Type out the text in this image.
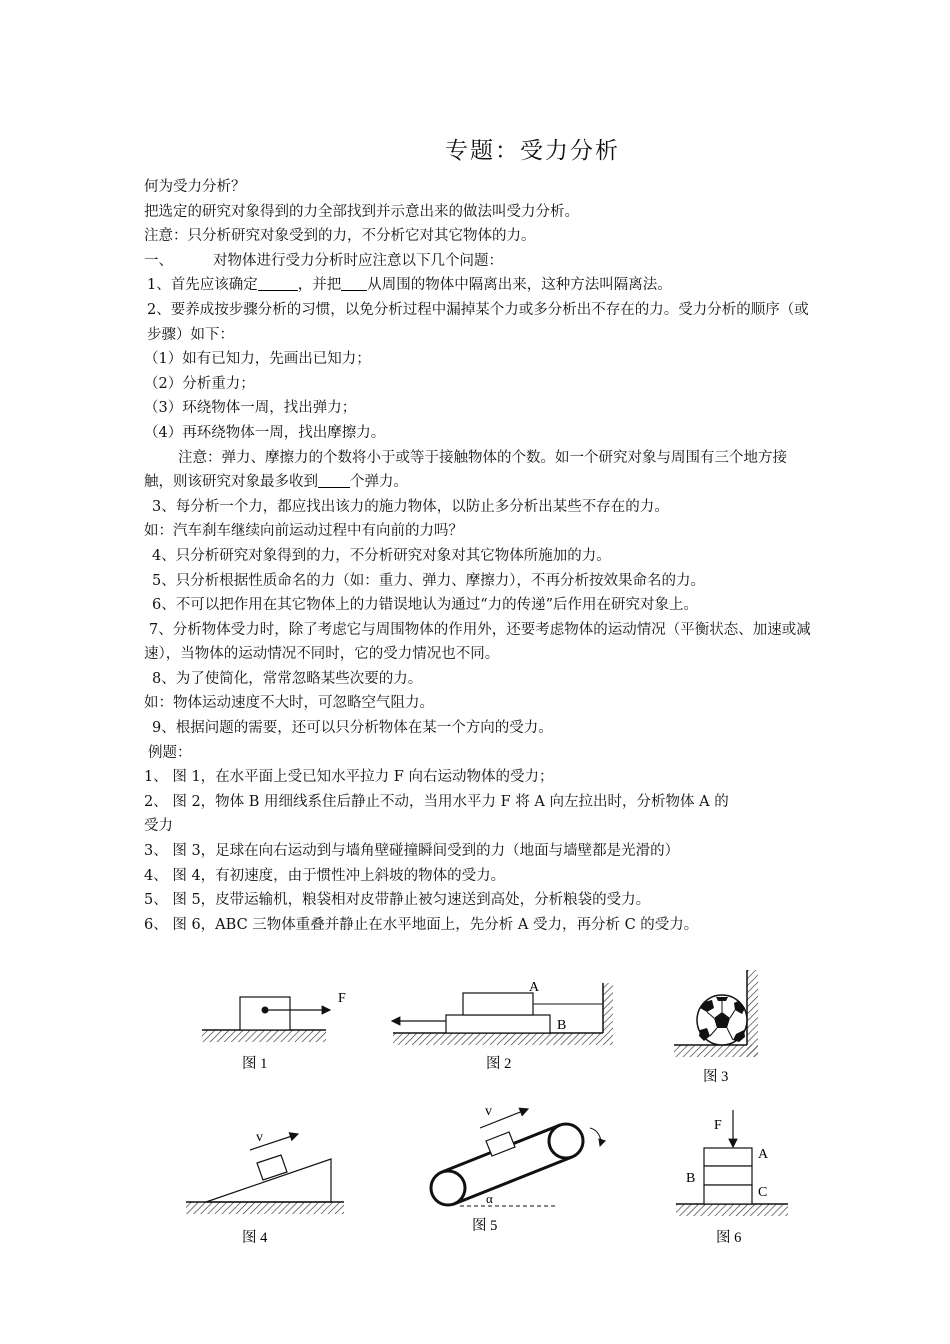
专题：受力分析

何为受力分析？

把选定的研究对象得到的力全部找到并示意出来的做法叫受力分析。

注意：只分析研究对象受到的力，不分析它对其它物体的力。

一、	对物体进行受力分析时应注意以下几个问题：

1、首先应该确定	，并把 从周围的物体中隔离出来，这种方法叫隔离法。

2、要养成按步骤分析的习惯，以免分析过程中漏掉某个力或多分析出不存在的力。受力分析的顺序（或步骤）如下：

（1）如有已知力，先画出已知力；

（2）分析重力；

（3）环绕物体一周，找出弹力；

（4）再环绕物体一周，找出摩擦力。

注意：弹力、摩擦力的个数将小于或等于接触物体的个数。如一个研究对象与周围有三个地方接触，则该研究对象最多收到 个弹力。

3、每分析一个力，都应找出该力的施力物体，以防止多分析出某些不存在的力。

如：汽车刹车继续向前运动过程中有向前的力吗？

4、只分析研究对象得到的力，不分析研究对象对其它物体所施加的力。

5、只分析根据性质命名的力（如：重力、弹力、摩擦力），不再分析按效果命名的力。

6、不可以把作用在其它物体上的力错误地认为通过“力的传递”后作用在研究对象上。

7、分析物体受力时，除了考虑它与周围物体的作用外，还要考虑物体的运动情况（平衡状态、加速或减速），当物体的运动情况不同时，它的受力情况也不同。

8、为了使简化，常常忽略某些次要的力。

如：物体运动速度不大时，可忽略空气阻力。

9、根据问题的需要，还可以只分析物体在某一个方向的受力。

例题：

1、 图 1，在水平面上受已知水平拉力 F 向右运动物体的受力；

2、 图 2，物体 B 用细线系住后静止不动，当用水平力 F 将 A 向左拉出时，分析物体 A 的

受力

3、 图 3，足球在向右运动到与墙角壁碰撞瞬间受到的力（地面与墙壁都是光滑的）

4、 图 4，有初速度，由于惯性冲上斜坡的物体的受力。

5、 图 5，皮带运输机，粮袋相对皮带静止被匀速送到高处，分析粮袋的受力。

6、 图 6，ABC 三物体重叠并静止在水平地面上，先分析 A 受力，再分析 C 的受力。

F
图 1
A
B
图 2
图 3
v
图 4
v
α
图 5
F
A
B
C
图 6
